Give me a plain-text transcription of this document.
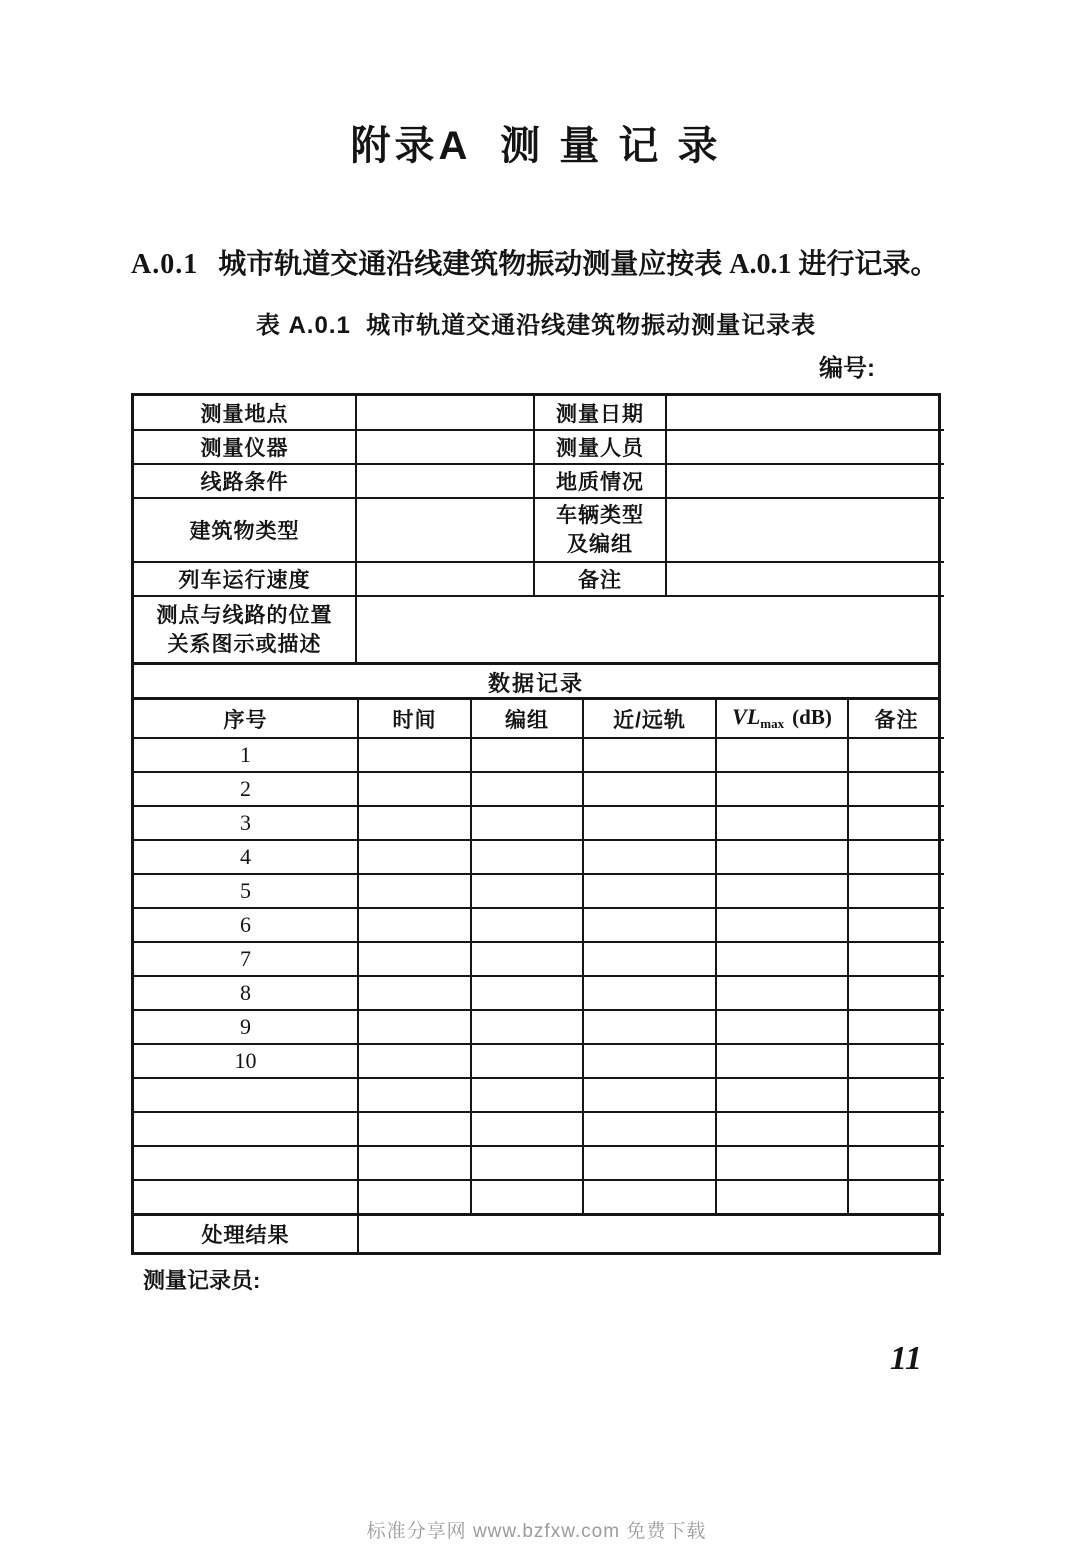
附录A  测 量 记 录

A.0.1 城市轨道交通沿线建筑物振动测量应按表 A.0.1 进行记录。

表 A.0.1  城市轨道交通沿线建筑物振动测量记录表
编号:
测量地点		测量日期	
测量仪器		测量人员	
线路条件		地质情况	
建筑物类型		车辆类型
及编组	

列车运行速度		备注	

测点与线路的位置
关系图示或描述			

数据记录
序号	时间	编组	近/远轨	$VL_{max}$ (dB)	备注
1					
2					
3					
4					
5					
6					
7					
8					
9					
10					

处理结果					
测量记录员:
11
标准分享网 www.bzfxw.com 免费下载
